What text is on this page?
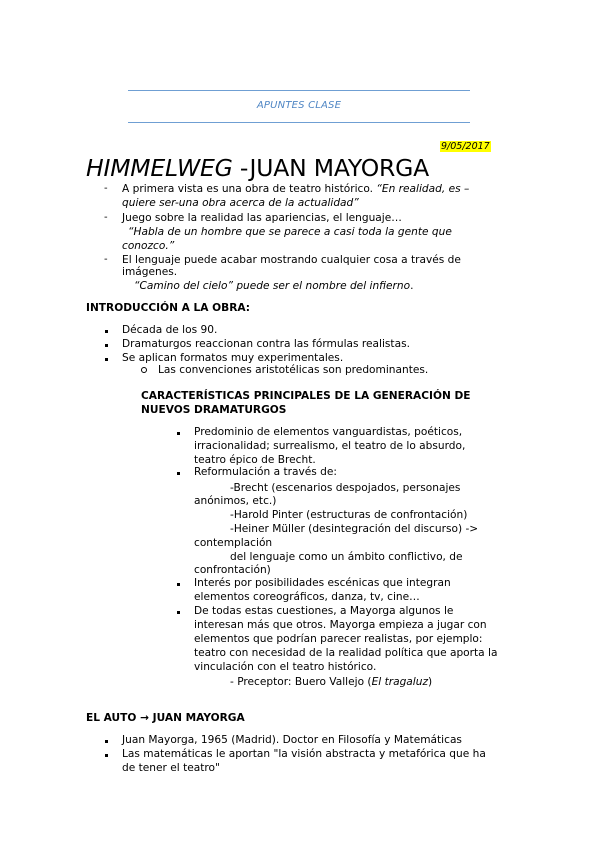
APUNTES CLASE
9/05/2017
HIMMELWEG -JUAN MAYORGA
- A primera vista es una obra de teatro histórico. “En realidad, es –
quiere ser-una obra acerca de la actualidad”
- Juego sobre la realidad las apariencias, el lenguaje…
“Habla de un hombre que se parece a casi toda la gente que
conozco.”
- El lenguaje puede acabar mostrando cualquier cosa a través de
imágenes.
“Camino del cielo” puede ser el nombre del infierno.
INTRODUCCIÓN A LA OBRA:
Década de los 90.
Dramaturgos reaccionan contra las fórmulas realistas.
Se aplican formatos muy experimentales.
Las convenciones aristotélicas son predominantes.
CARACTERÍSTICAS PRINCIPALES DE LA GENERACIÓN DE
NUEVOS DRAMATURGOS
Predominio de elementos vanguardistas, poéticos,
irracionalidad; surrealismo, el teatro de lo absurdo,
teatro épico de Brecht.
Reformulación a través de:
-Brecht (escenarios despojados, personajes
anónimos, etc.)
-Harold Pinter (estructuras de confrontación)
-Heiner Müller (desintegración del discurso) ->
contemplación
del lenguaje como un ámbito conflictivo, de
confrontación)
Interés por posibilidades escénicas que integran
elementos coreográficos, danza, tv, cine…
De todas estas cuestiones, a Mayorga algunos le
interesan más que otros. Mayorga empieza a jugar con
elementos que podrían parecer realistas, por ejemplo:
teatro con necesidad de la realidad política que aporta la
vinculación con el teatro histórico.
- Preceptor: Buero Vallejo (El tragaluz)
EL AUTO → JUAN MAYORGA
Juan Mayorga, 1965 (Madrid). Doctor en Filosofía y Matemáticas
Las matemáticas le aportan "la visión abstracta y metafórica que ha
de tener el teatro"
